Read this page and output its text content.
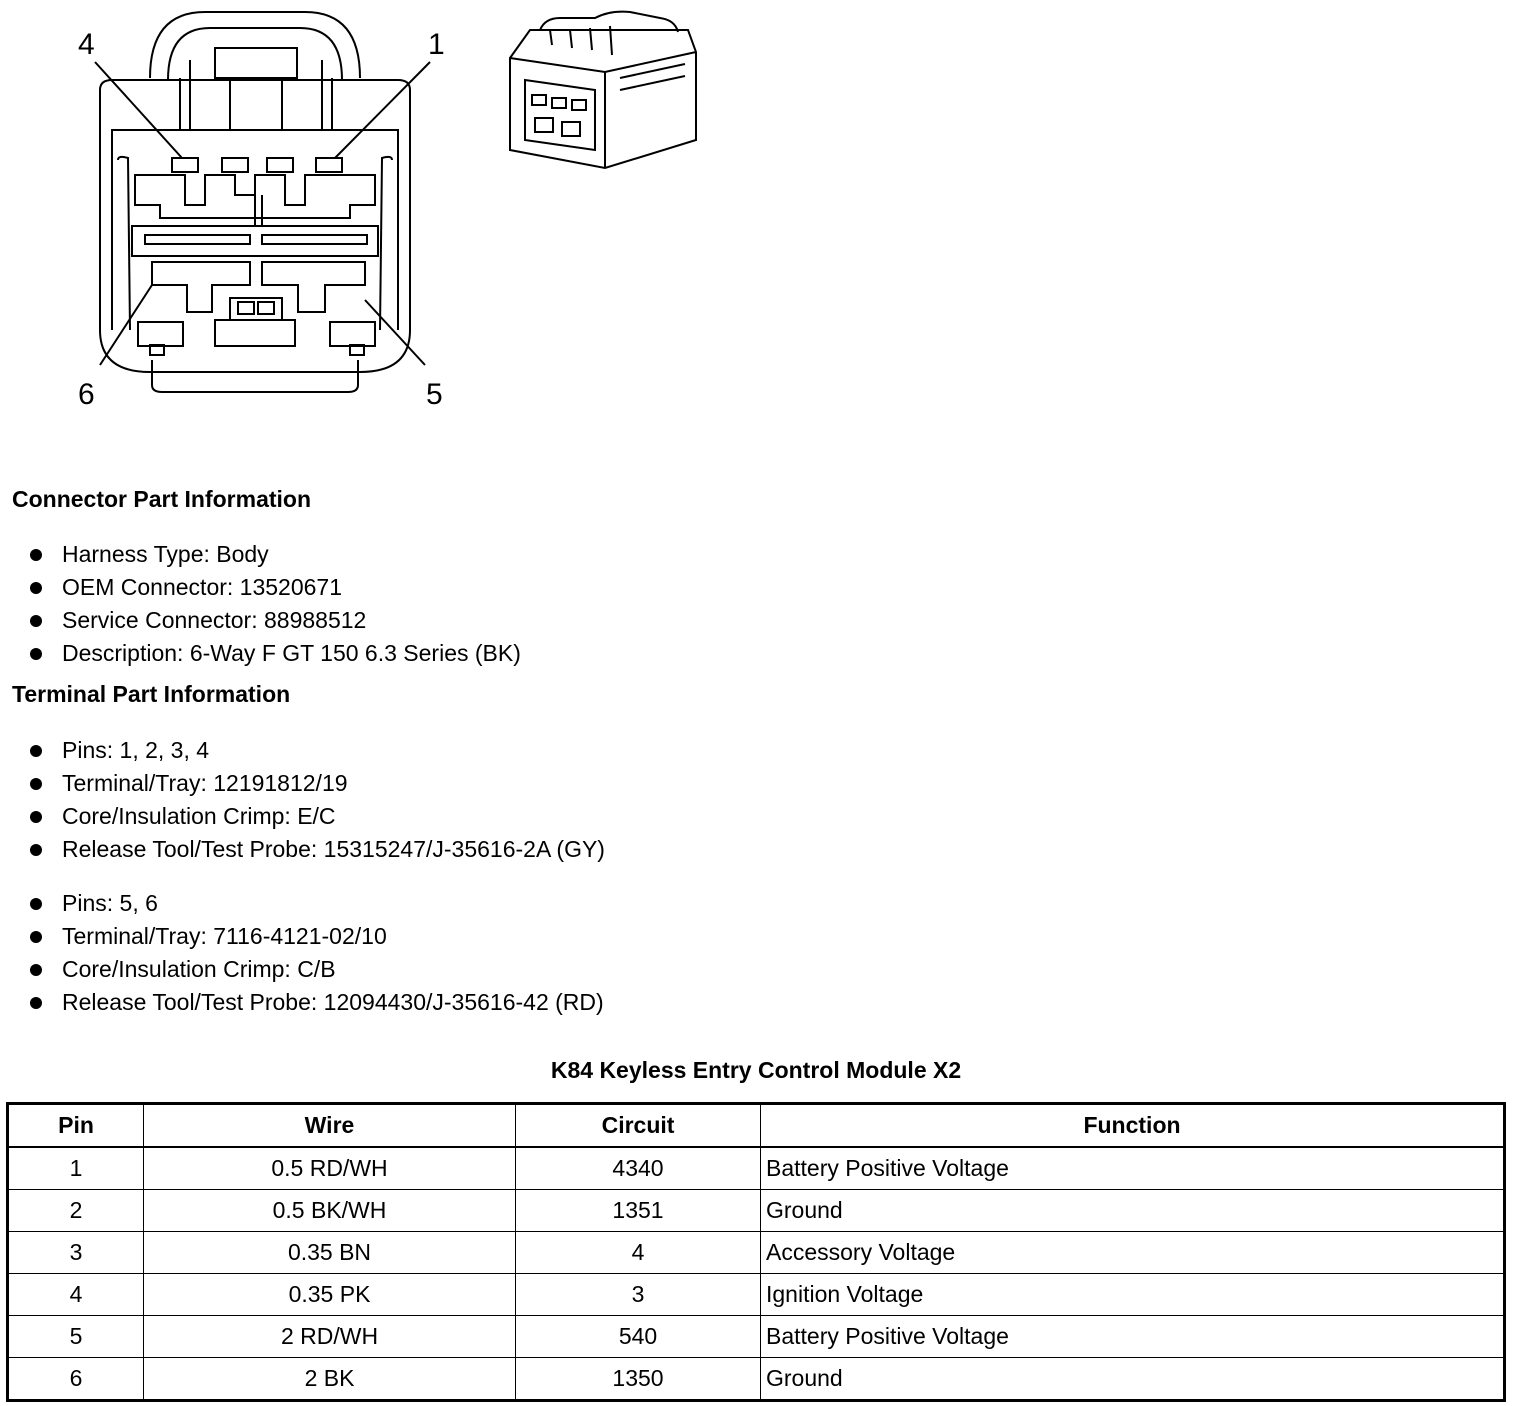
4	1
6	5
Connector Part Information
Harness Type: Body
OEM Connector: 13520671
Service Connector: 88988512
Description: 6-Way F GT 150 6.3 Series (BK)
Terminal Part Information
Pins: 1, 2, 3, 4
Terminal/Tray: 12191812/19
Core/Insulation Crimp: E/C
Release Tool/Test Probe: 15315247/J-35616-2A (GY)
Pins: 5, 6
Terminal/Tray: 7116-4121-02/10
Core/Insulation Crimp: C/B
Release Tool/Test Probe: 12094430/J-35616-42 (RD)
K84 Keyless Entry Control Module X2
Pin	Wire	Circuit	Function
1	0.5 RD/WH	4340	Battery Positive Voltage
2	0.5 BK/WH	1351	Ground
3	0.35 BN	4	Accessory Voltage
4	0.35 PK	3	Ignition Voltage
5	2 RD/WH	540	Battery Positive Voltage
6	2 BK	1350	Ground
